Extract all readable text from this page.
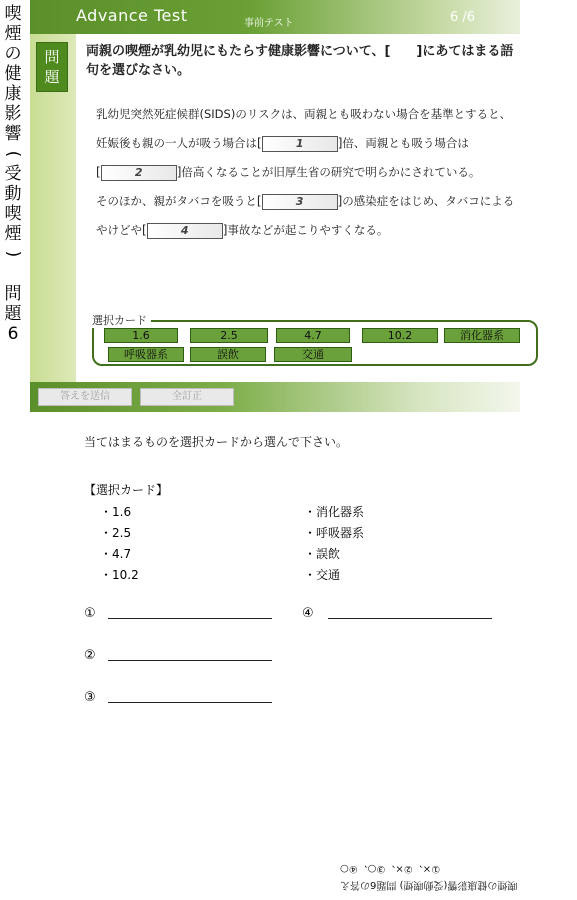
喫
煙
の
健
康
影
響
(
受
動
喫
煙
)

問
題
6
Advance Test	事前テスト	6 /6
問
題
両親の喫煙が乳幼児にもたらす健康影響について、[　　]にあてはまる語句を選びなさい。
乳幼児突然死症候群(SIDS)のリスクは、両親とも吸わない場合を基準とすると、
妊娠後も親の一人が吸う場合は[	1	]倍、両親とも吸う場合は
[	2	]倍高くなることが旧厚生省の研究で明らかにされている。
そのほか、親がタバコを吸うと[	3	]の感染症をはじめ、タバコによる
やけどや[	4	]事故などが起こりやすくなる。
選択カード
1.6	2.5	4.7	10.2	消化器系
呼吸器系	誤飲	交通
答えを送信	全訂正
当てはまるものを選択カードから選んで下さい。
【選択カード】
・1.6
・2.5
・4.7
・10.2
・消化器系
・呼吸器系
・誤飲
・交通
①	④
②
③
喫煙の健康影響(受動喫煙) 問題6の答え
①×、②×、③○、④○
